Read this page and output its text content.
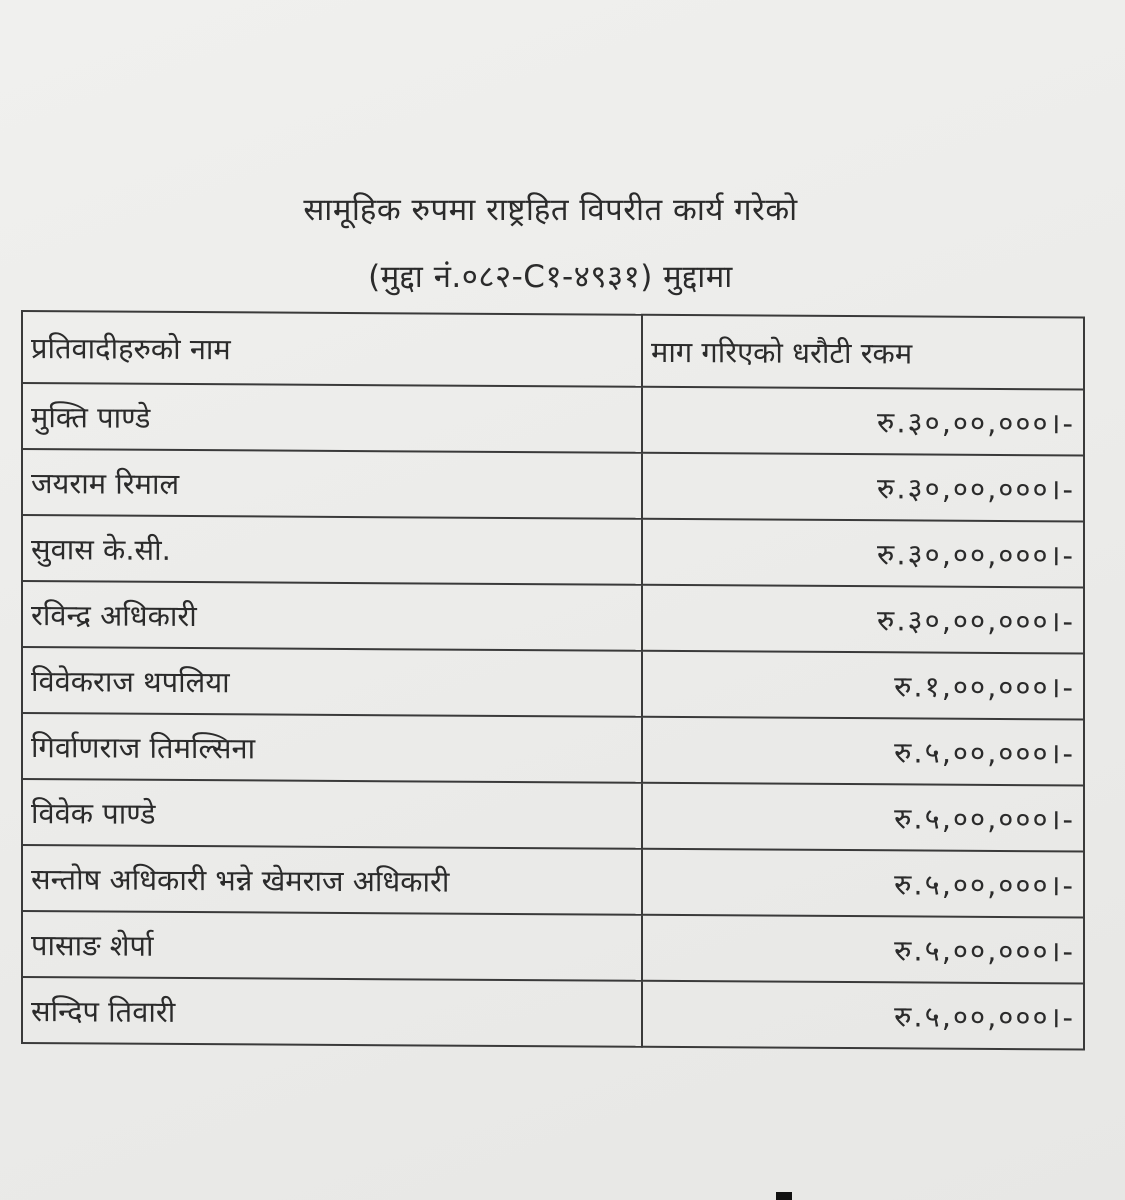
सामूहिक रुपमा राष्ट्रहित विपरीत कार्य गरेको
(मुद्दा नं.०८२-C१-४९३१) मुद्दामा
प्रतिवादीहरुको नाम	माग गरिएको धरौटी रकम
मुक्ति पाण्डे	रु.३०,००,०००।-
जयराम रिमाल	रु.३०,००,०००।-
सुवास के.सी.	रु.३०,००,०००।-
रविन्द्र अधिकारी	रु.३०,००,०००।-
विवेकराज थपलिया	रु.१,००,०००।-
गिर्वाणराज तिमल्सिना	रु.५,००,०००।-
विवेक पाण्डे	रु.५,००,०००।-
सन्तोष अधिकारी भन्ने खेमराज अधिकारी	रु.५,००,०००।-
पासाङ शेर्पा	रु.५,००,०००।-
सन्दिप तिवारी	रु.५,००,०००।-
